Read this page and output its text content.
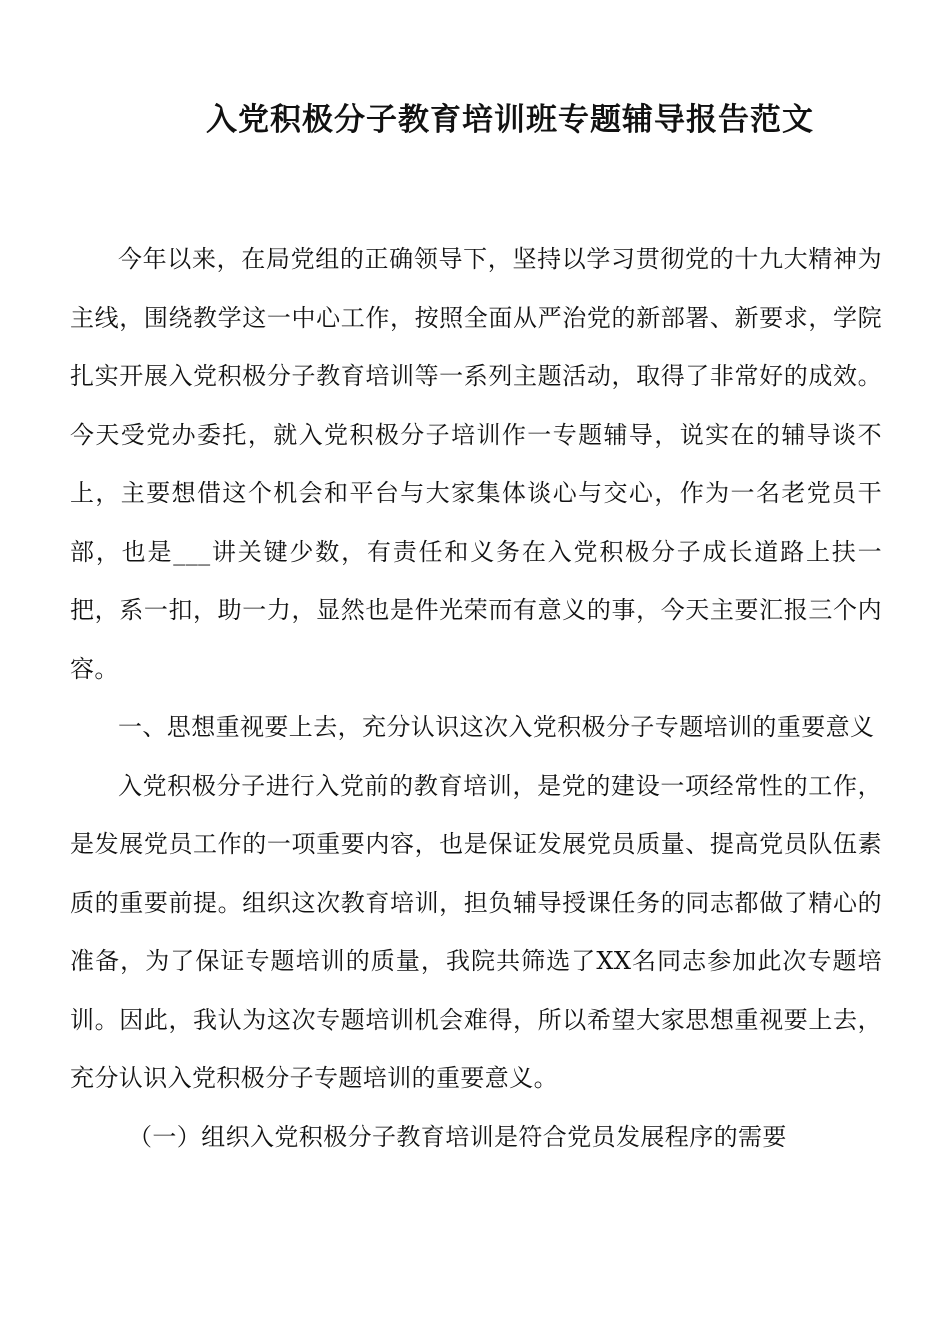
入党积极分子教育培训班专题辅导报告范文

今年以来，在局党组的正确领导下，坚持以学习贯彻党的十九大精神为主线，围绕教学这一中心工作，按照全面从严治党的新部署、新要求，学院扎实开展入党积极分子教育培训等一系列主题活动，取得了非常好的成效。今天受党办委托，就入党积极分子培训作一专题辅导，说实在的辅导谈不上，主要想借这个机会和平台与大家集体谈心与交心，作为一名老党员干部，也是___讲关键少数，有责任和义务在入党积极分子成长道路上扶一把，系一扣，助一力，显然也是件光荣而有意义的事，今天主要汇报三个内容。

一、思想重视要上去，充分认识这次入党积极分子专题培训的重要意义

入党积极分子进行入党前的教育培训，是党的建设一项经常性的工作，是发展党员工作的一项重要内容，也是保证发展党员质量、提高党员队伍素质的重要前提。组织这次教育培训，担负辅导授课任务的同志都做了精心的准备，为了保证专题培训的质量，我院共筛选了XX名同志参加此次专题培训。因此，我认为这次专题培训机会难得，所以希望大家思想重视要上去，充分认识入党积极分子专题培训的重要意义。

（一）组织入党积极分子教育培训是符合党员发展程序的需要
